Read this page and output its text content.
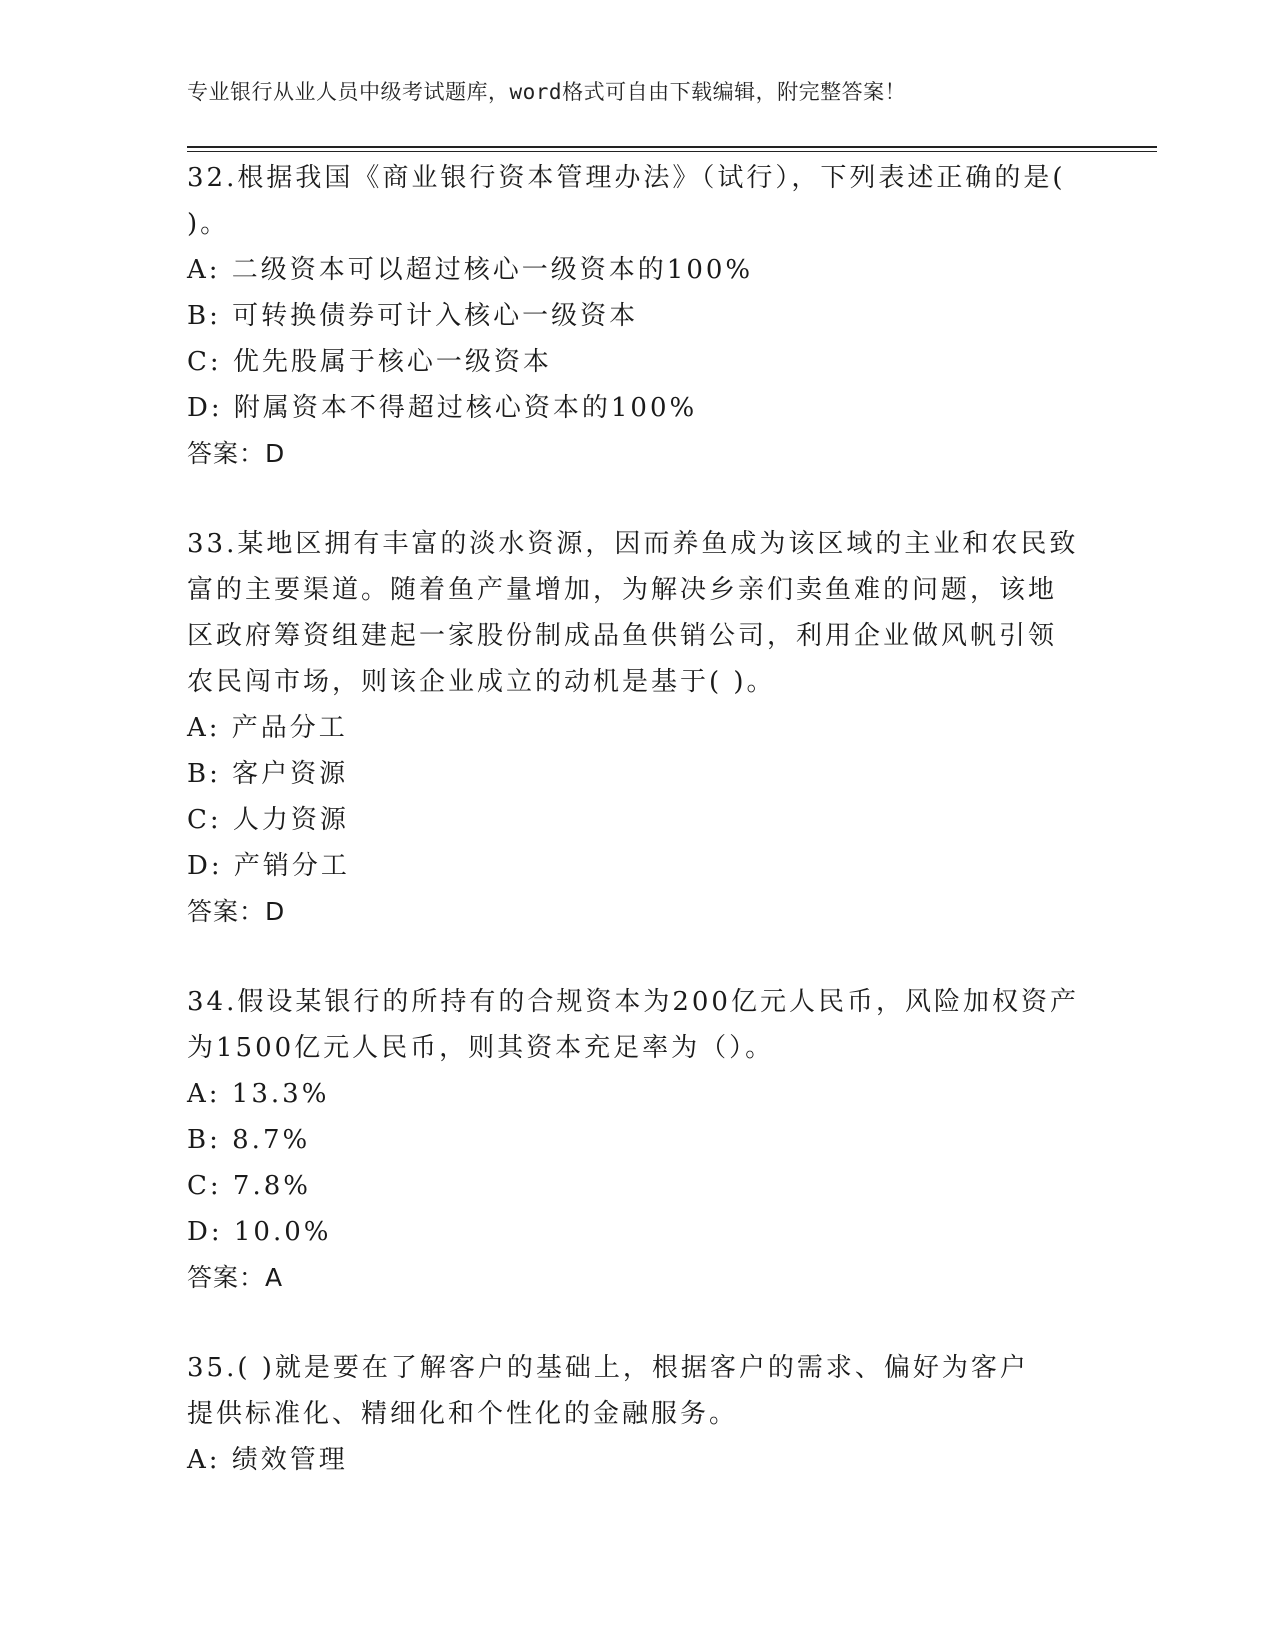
专业银行从业人员中级考试题库，word格式可自由下载编辑，附完整答案！
32.根据我国《商业银行资本管理办法》（试行），下列表述正确的是(
)。
A: 二级资本可以超过核心一级资本的100%
B: 可转换债券可计入核心一级资本
C: 优先股属于核心一级资本
D: 附属资本不得超过核心资本的100%
答案：D
33.某地区拥有丰富的淡水资源，因而养鱼成为该区域的主业和农民致
富的主要渠道。随着鱼产量增加，为解决乡亲们卖鱼难的问题，该地
区政府筹资组建起一家股份制成品鱼供销公司，利用企业做风帆引领
农民闯市场，则该企业成立的动机是基于( )。
A: 产品分工
B: 客户资源
C: 人力资源
D: 产销分工
答案：D
34.假设某银行的所持有的合规资本为200亿元人民币，风险加权资产
为1500亿元人民币，则其资本充足率为（）。
A: 13.3%
B: 8.7%
C: 7.8%
D: 10.0%
答案：A
35.( )就是要在了解客户的基础上，根据客户的需求、偏好为客户
提供标准化、精细化和个性化的金融服务。
A: 绩效管理
